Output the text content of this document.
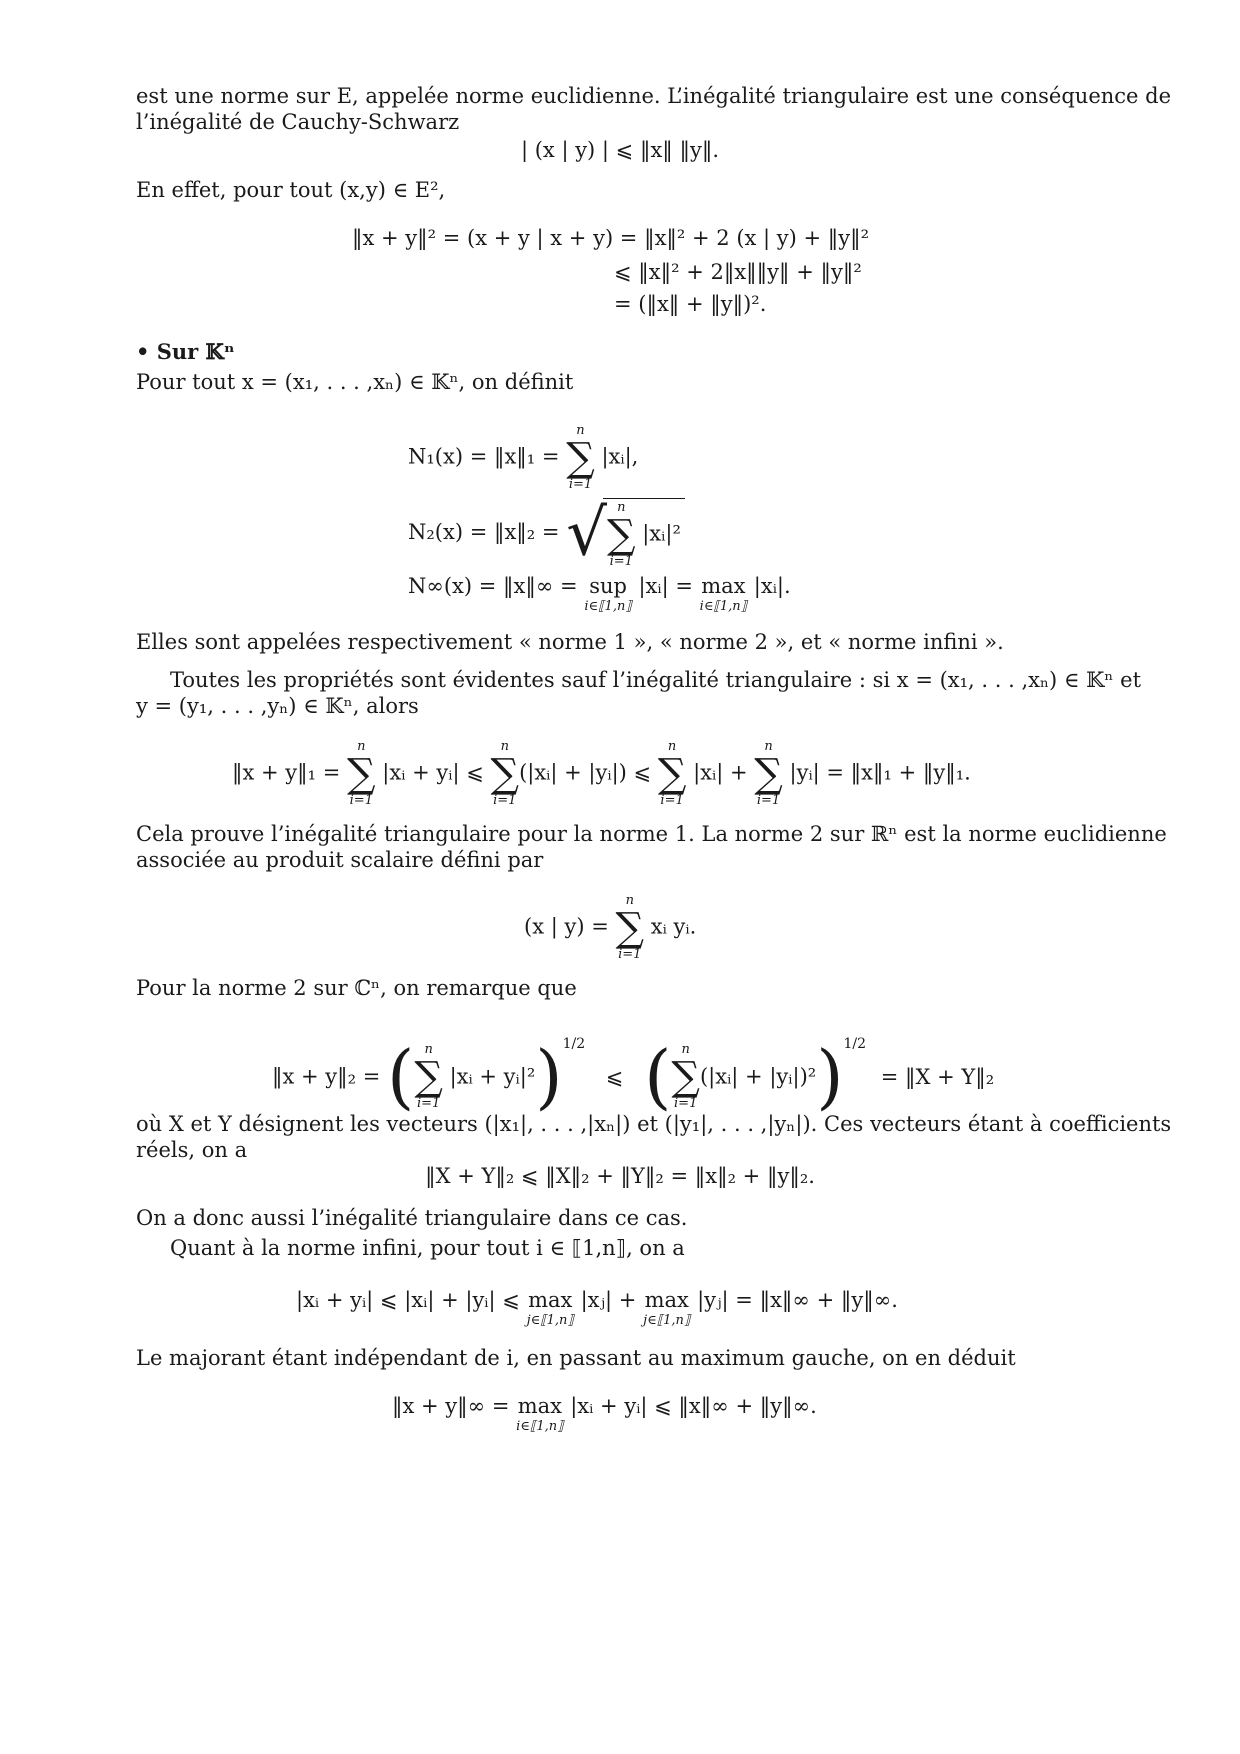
est une norme sur E, appelée norme euclidienne. L’inégalité triangulaire est une conséquence de
l’inégalité de Cauchy-Schwarz
| (x | y) | ⩽ ‖x‖ ‖y‖.
En effet, pour tout (x,y) ∈ E²,
‖x + y‖² = (x + y | x + y) = ‖x‖² + 2 (x | y) + ‖y‖²
⩽ ‖x‖² + 2‖x‖‖y‖ + ‖y‖²
= (‖x‖ + ‖y‖)².
• Sur 𝕂ⁿ
Pour tout x = (x₁, . . . ,xₙ) ∈ 𝕂ⁿ, on définit
N₁(x) = ‖x‖₁ =
n
∑
i=1
|xᵢ|,
N₂(x) = ‖x‖₂ = √ n
∑
i=1
|xᵢ|²
N∞(x) = ‖x‖∞ = sup
i∈⟦1,n⟧
|xᵢ| = max
i∈⟦1,n⟧
|xᵢ|.
Elles sont appelées respectivement « norme 1 », « norme 2 », et « norme infini ».
Toutes les propriétés sont évidentes sauf l’inégalité triangulaire : si x = (x₁, . . . ,xₙ) ∈ 𝕂ⁿ et
y = (y₁, . . . ,yₙ) ∈ 𝕂ⁿ, alors
‖x + y‖₁ =
n
∑
i=1
|xᵢ + yᵢ| ⩽
n
∑
i=1
(|xᵢ| + |yᵢ|) ⩽
n
∑
i=1
|xᵢ| +
n
∑
i=1
|yᵢ| = ‖x‖₁ + ‖y‖₁.
Cela prouve l’inégalité triangulaire pour la norme 1. La norme 2 sur ℝⁿ est la norme euclidienne
associée au produit scalaire défini par
(x | y) =
n
∑
i=1
xᵢ yᵢ.
Pour la norme 2 sur ℂⁿ, on remarque que
‖x + y‖₂ = ( n
∑
i=1
|xᵢ + yᵢ|²)$^{1/2}$ ⩽ ( n
∑
i=1
(|xᵢ| + |yᵢ|)²)$^{1/2}$ = ‖X + Y‖₂
où X et Y désignent les vecteurs (|x₁|, . . . ,|xₙ|) et (|y₁|, . . . ,|yₙ|). Ces vecteurs étant à coefficients
réels, on a
‖X + Y‖₂ ⩽ ‖X‖₂ + ‖Y‖₂ = ‖x‖₂ + ‖y‖₂.
On a donc aussi l’inégalité triangulaire dans ce cas.
Quant à la norme infini, pour tout i ∈ ⟦1,n⟧, on a
|xᵢ + yᵢ| ⩽ |xᵢ| + |yᵢ| ⩽ max
j∈⟦1,n⟧
|xⱼ| + max
j∈⟦1,n⟧
|yⱼ| = ‖x‖∞ + ‖y‖∞.
Le majorant étant indépendant de i, en passant au maximum gauche, on en déduit
‖x + y‖∞ = max
i∈⟦1,n⟧
|xᵢ + yᵢ| ⩽ ‖x‖∞ + ‖y‖∞.
